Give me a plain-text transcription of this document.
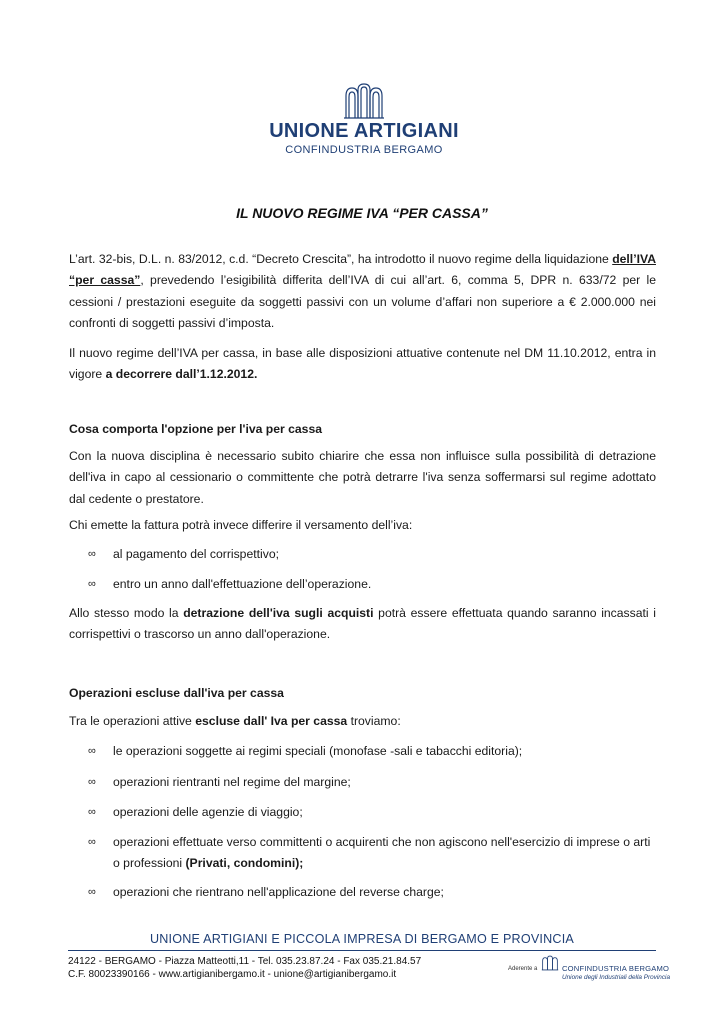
UNIONE ARTIGIANI
CONFINDUSTRIA BERGAMO
IL NUOVO REGIME IVA “PER CASSA”

L’art. 32-bis, D.L. n. 83/2012, c.d. “Decreto Crescita”, ha introdotto il nuovo regime della liquidazione dell’IVA “per cassa”, prevedendo l’esigibilità differita dell’IVA di cui all’art. 6, comma 5, DPR n. 633/72 per le cessioni / prestazioni eseguite da soggetti passivi con un volume d’affari non superiore a € 2.000.000 nei confronti di soggetti passivi d’imposta.

Il nuovo regime dell’IVA per cassa, in base alle disposizioni attuative contenute nel DM 11.10.2012, entra in vigore a decorrere dall’1.12.2012.

Cosa comporta l'opzione per l'iva per cassa

Con la nuova disciplina è necessario subito chiarire che essa non influisce sulla possibilità di detrazione dell'iva in capo al cessionario o committente che potrà detrarre l'iva senza soffermarsi sul regime adottato dal cedente o prestatore.

Chi emette la fattura potrà invece differire il versamento dell’iva:

∞ al pagamento del corrispettivo;

∞ entro un anno dall'effettuazione dell’operazione.

Allo stesso modo la detrazione dell'iva sugli acquisti potrà essere effettuata quando saranno incassati i corrispettivi o trascorso un anno dall'operazione.

Operazioni escluse dall'iva per cassa

Tra le operazioni attive escluse dall' Iva per cassa troviamo:

∞ le operazioni soggette ai regimi speciali (monofase -sali e tabacchi editoria);

∞ operazioni rientranti nel regime del margine;

∞ operazioni delle agenzie di viaggio;

∞ operazioni effettuate verso committenti o acquirenti che non agiscono nell'esercizio di imprese o arti o professioni (Privati, condomini);

∞ operazioni che rientrano nell'applicazione del reverse charge;

UNIONE ARTIGIANI E PICCOLA IMPRESA DI BERGAMO E PROVINCIA
24122 - BERGAMO - Piazza Matteotti,11 - Tel. 035.23.87.24 - Fax 035.21.84.57
C.F. 80023390166 - www.artigianibergamo.it - unione@artigianibergamo.it	Aderente a	CONFINDUSTRIA BERGAMO
Unione degli Industriali della Provincia
